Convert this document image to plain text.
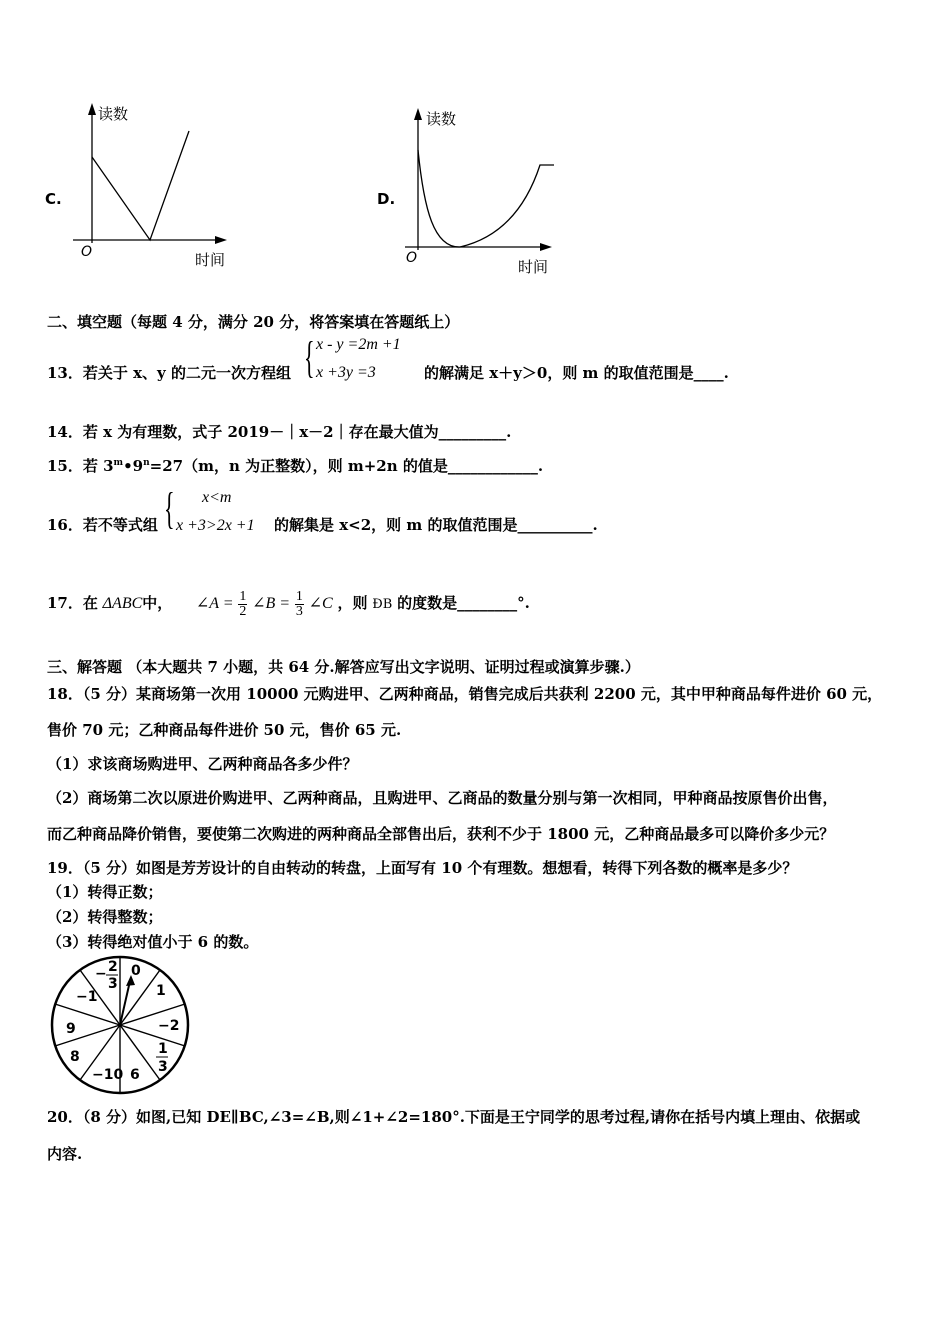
C.
读数
时间
O
D.
读数
时间
O
二、填空题（每题 4 分，满分 20 分，将答案填在答题纸上）
13．若关于 x、y 的二元一次方程组 { x - y =2m +1
x +3y =3	的解满足 x＋y＞0，则 m 的取值范围是____.
14．若 x 为有理数，式子 2019－｜x－2｜存在最大值为_________.
15．若 $3^m•9^n=27(m$，n 为正整数），则 m+2n 的值是____________.
16．若不等式组 { x<m
x +3>2x +1 的解集是 x<2，则 m 的取值范围是__________.
17．在 ΔABC中， ∠A = $\frac{1}{2}$ ∠B = $\frac{1}{3}$ ∠C ，则 ÐB 的度数是________°.
三、解答题 （本大题共 7 小题，共 64 分.解答应写出文字说明、证明过程或演算步骤.）
18．（5 分）某商场第一次用 10000 元购进甲、乙两种商品，销售完成后共获利 2200 元，其中甲种商品每件进价 60 元，
售价 70 元；乙种商品每件进价 50 元，售价 65 元.
（1）求该商场购进甲、乙两种商品各多少件？
（2）商场第二次以原进价购进甲、乙两种商品，且购进甲、乙商品的数量分别与第一次相同，甲种商品按原售价出售，
而乙种商品降价销售，要使第二次购进的两种商品全部售出后，获利不少于 1800 元，乙种商品最多可以降价多少元？
19．（5 分）如图是芳芳设计的自由转动的转盘，上面写有 10 个有理数。想想看，转得下列各数的概率是多少？
（1）转得正数；
（2）转得整数；
（3）转得绝对值小于 6 的数。
0
1
−2
1
3
6
−10
8
9
−1
− 2
3
20．（8 分）如图,已知 DE∥BC,∠3=∠B,则∠1+∠2=180°.下面是王宁同学的思考过程,请你在括号内填上理由、依据或
内容.
